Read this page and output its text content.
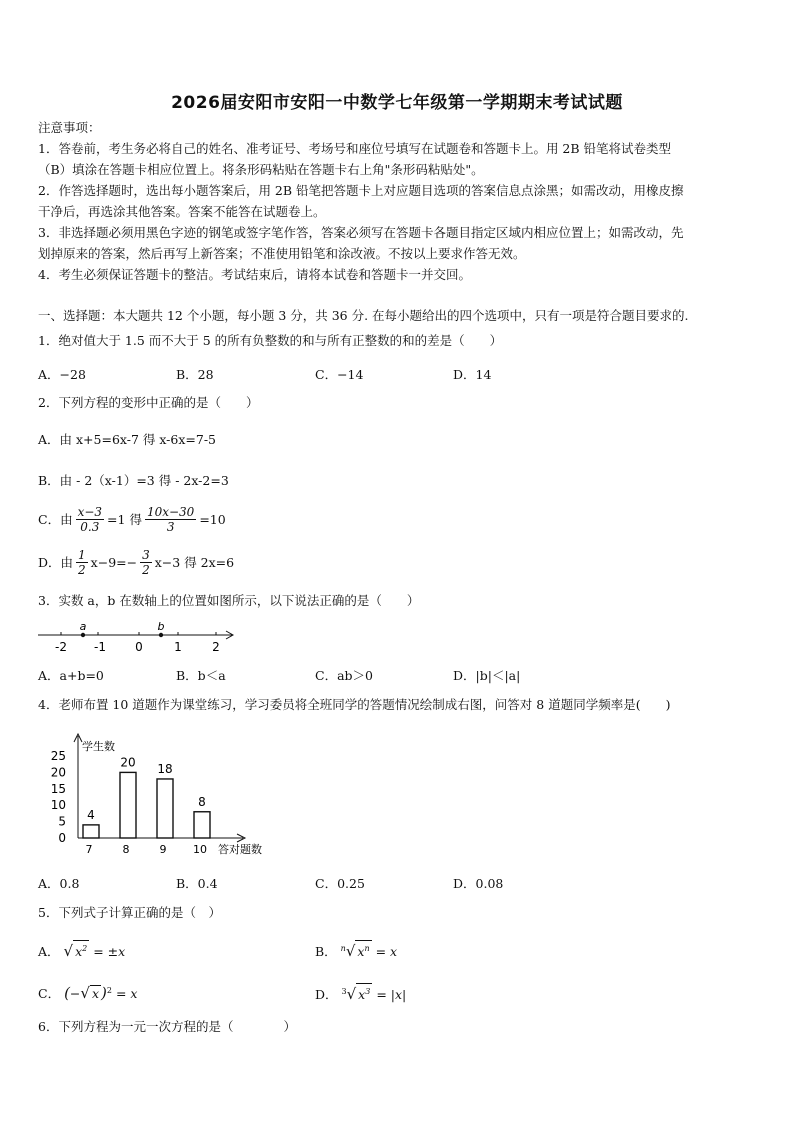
2026届安阳市安阳一中数学七年级第一学期期末考试试题
注意事项：
1．答卷前，考生务必将自己的姓名、准考证号、考场号和座位号填写在试题卷和答题卡上。用 2B 铅笔将试卷类型
（B）填涂在答题卡相应位置上。将条形码粘贴在答题卡右上角"条形码粘贴处"。
2．作答选择题时，选出每小题答案后，用 2B 铅笔把答题卡上对应题目选项的答案信息点涂黑；如需改动，用橡皮擦
干净后，再选涂其他答案。答案不能答在试题卷上。
3．非选择题必须用黑色字迹的钢笔或签字笔作答，答案必须写在答题卡各题目指定区域内相应位置上；如需改动，先
划掉原来的答案，然后再写上新答案；不准使用铅笔和涂改液。不按以上要求作答无效。
4．考生必须保证答题卡的整洁。考试结束后，请将本试卷和答题卡一并交回。
一、选择题：本大题共 12 个小题，每小题 3 分，共 36 分. 在每小题给出的四个选项中，只有一项是符合题目要求的.
1．绝对值大于 1.5 而不大于 5 的所有负整数的和与所有正整数的和的差是（　　）
A．−28	B．28	C．−14	D．14
2．下列方程的变形中正确的是（　　）
A．由 x+5=6x-7 得 x-6x=7-5
B．由 - 2（x-1）=3 得 - 2x-2=3
C．由 $\frac{x-3}{0.3} =1$ 得 $\frac{10x-30}{3} =10$
D．由 $\frac{1}{2} x-9=- \frac{3}{2} x-3$ 得 2x=6
3．实数 a，b 在数轴上的位置如图所示，以下说法正确的是（　　）
a	b
-2 -1 0	1	2
A．a+b=0	B．b＜a	C．ab＞0	D．|b|＜|a|
4．老师布置 10 道题作为课堂练习，学习委员将全班同学的答题情况绘制成右图，问答对 8 道题同学频率是(　　)
学生数
答对题数
0
5
10
15
20
25
4
7
20
8
18
9
8
10
A．0.8	B．0.4	C．0.25	D．0.08
5．下列式子计算正确的是（　）
A． √ $x^2 = \pm x$	B． $^n$√ $x^n = x$
C． (−√ x )$^2$ = x	D． $^3$√ $x^3 = |x|$
6．下列方程为一元一次方程的是（　　　　）
